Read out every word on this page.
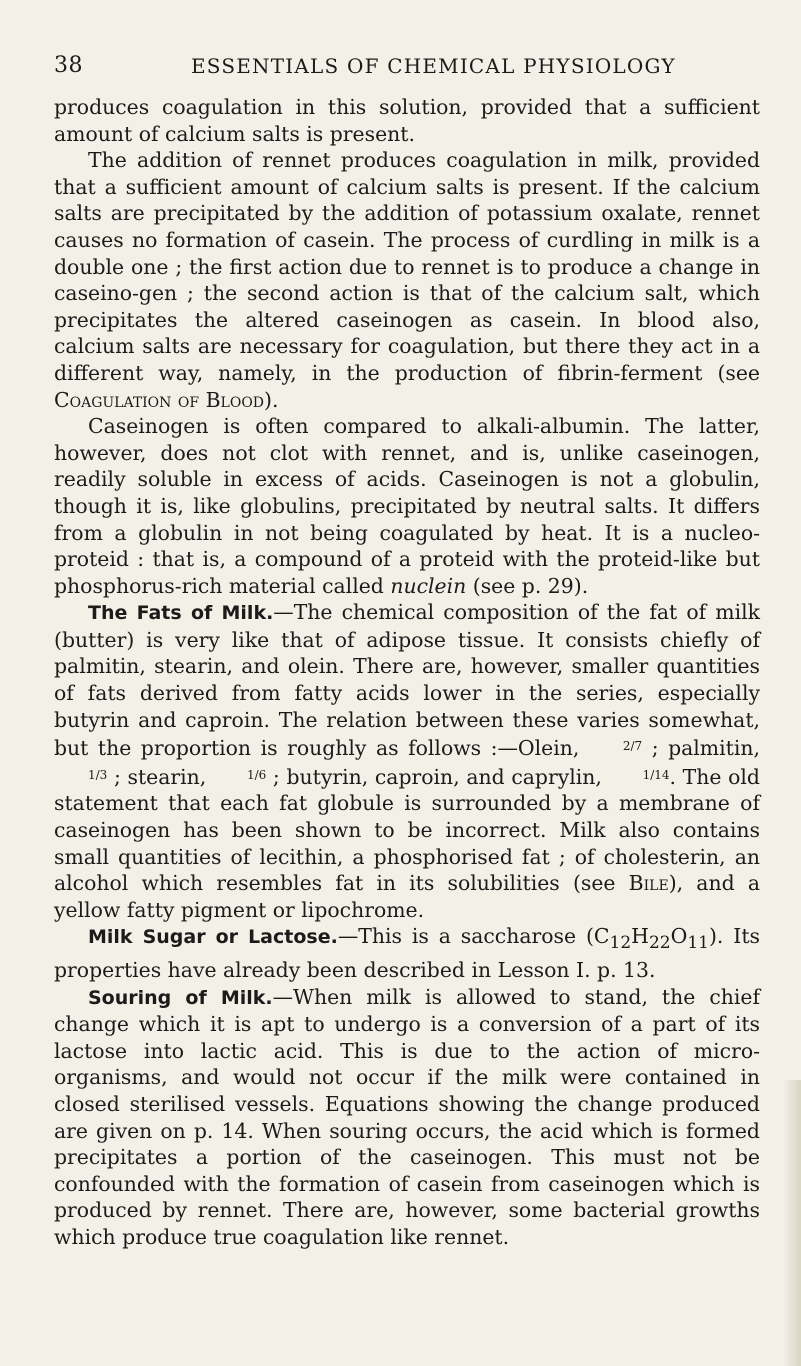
38	ESSENTIALS OF CHEMICAL PHYSIOLOGY

produces coagulation in this solution, provided that a sufficient amount of calcium salts is present.

The addition of rennet produces coagulation in milk, provided that a sufficient amount of calcium salts is present. If the calcium salts are precipitated by the addition of potassium oxalate, rennet causes no formation of casein. The process of curdling in milk is a double one ; the first action due to rennet is to produce a change in caseino-gen ; the second action is that of the calcium salt, which precipitates the altered caseinogen as casein. In blood also, calcium salts are necessary for coagulation, but there they act in a different way, namely, in the production of fibrin-ferment (see Coagulation of Blood).

Caseinogen is often compared to alkali-albumin. The latter, however, does not clot with rennet, and is, unlike caseinogen, readily soluble in excess of acids. Caseinogen is not a globulin, though it is, like globulins, precipitated by neutral salts. It differs from a globulin in not being coagulated by heat. It is a nucleo-proteid : that is, a compound of a proteid with the proteid-like but phosphorus-rich material called nuclein (see p. 29).

The Fats of Milk.—The chemical composition of the fat of milk (butter) is very like that of adipose tissue. It consists chiefly of palmitin, stearin, and olein. There are, however, smaller quantities of fats derived from fatty acids lower in the series, especially butyrin and caproin. The relation between these varies somewhat, but the proportion is roughly as follows :—Olein,	2/7 ; palmitin, 1/3 ; stearin,	1/6 ; butyrin, caproin, and caprylin,	1/14. The old statement that each fat globule is surrounded by a membrane of caseinogen has been shown to be incorrect. Milk also contains small quantities of lecithin, a phosphorised fat ; of cholesterin, an alcohol which resembles fat in its solubilities (see Bile), and a yellow fatty pigment or lipochrome.

Milk Sugar or Lactose.—This is a saccharose $(C_{12}H_{22}O_{11})$. Its properties have already been described in Lesson I. p. 13.

Souring of Milk.—When milk is allowed to stand, the chief change which it is apt to undergo is a conversion of a part of its lactose into lactic acid. This is due to the action of micro-organisms, and would not occur if the milk were contained in closed sterilised vessels. Equations showing the change produced are given on p. 14. When souring occurs, the acid which is formed precipitates a portion of the caseinogen. This must not be confounded with the formation of casein from caseinogen which is produced by rennet. There are, however, some bacterial growths which produce true coagulation like rennet.
